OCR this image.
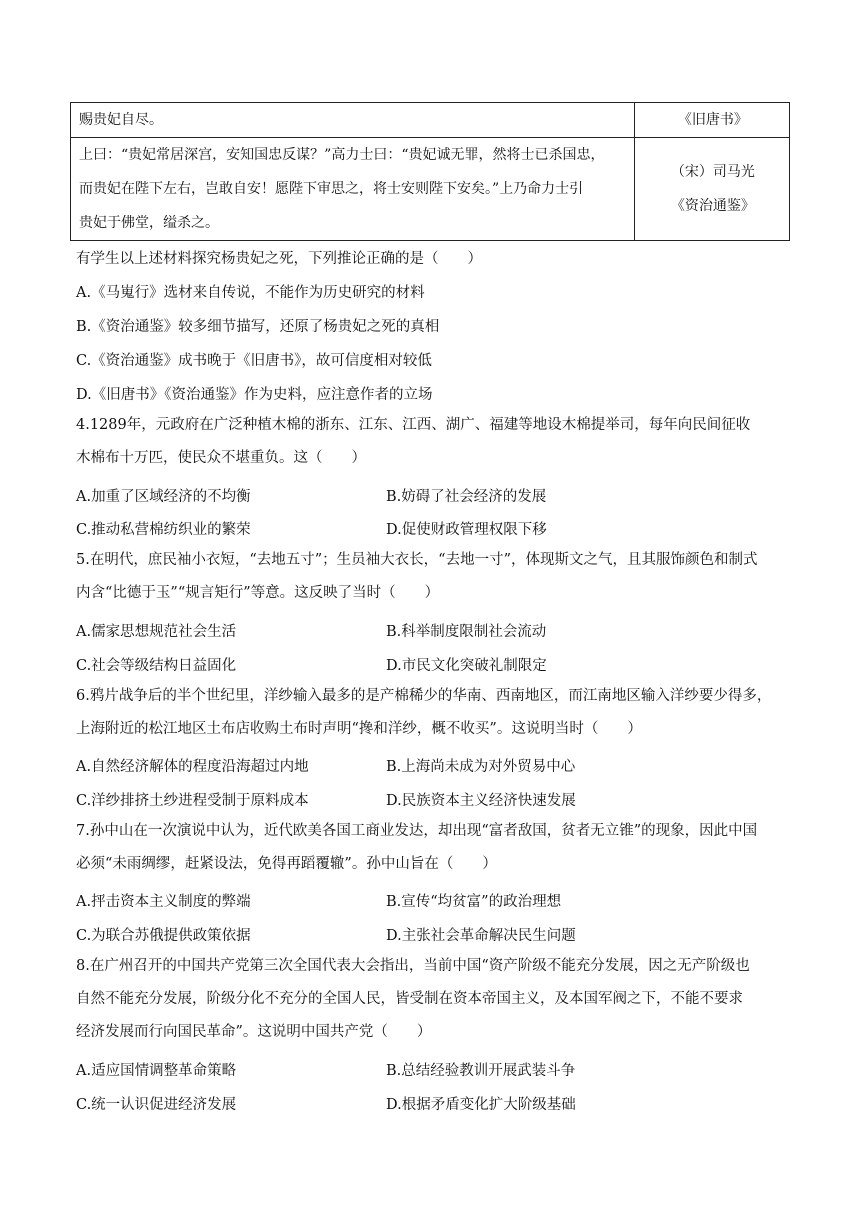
赐贵妃自尽。	《旧唐书》

上曰：“贵妃常居深宫，安知国忠反谋？”高力士曰：“贵妃诚无罪，然将士已杀国忠，
而贵妃在陛下左右，岂敢自安！愿陛下审思之，将士安则陛下安矣。”上乃命力士引
贵妃于佛堂，缢杀之。	（宋）司马光
《资治通鉴》
有学生以上述材料探究杨贵妃之死，下列推论正确的是（　　）
A.《马嵬行》选材来自传说，不能作为历史研究的材料
B.《资治通鉴》较多细节描写，还原了杨贵妃之死的真相
C.《资治通鉴》成书晚于《旧唐书》，故可信度相对较低
D.《旧唐书》《资治通鉴》作为史料，应注意作者的立场
4.1289年，元政府在广泛种植木棉的浙东、江东、江西、湖广、福建等地设木棉提举司，每年向民间征收
木棉布十万匹，使民众不堪重负。这（　　）
A.加重了区域经济的不均衡	B.妨碍了社会经济的发展
C.推动私营棉纺织业的繁荣	D.促使财政管理权限下移
5.在明代，庶民袖小衣短，“去地五寸”；生员袖大衣长，“去地一寸”，体现斯文之气，且其服饰颜色和制式
内含“比德于玉”“规言矩行”等意。这反映了当时（　　）
A.儒家思想规范社会生活	B.科举制度限制社会流动
C.社会等级结构日益固化	D.市民文化突破礼制限定
6.鸦片战争后的半个世纪里，洋纱输入最多的是产棉稀少的华南、西南地区，而江南地区输入洋纱要少得多，
上海附近的松江地区土布店收购土布时声明“搀和洋纱，概不收买”。这说明当时（　　）
A.自然经济解体的程度沿海超过内地	B.上海尚未成为对外贸易中心
C.洋纱排挤土纱进程受制于原料成本	D.民族资本主义经济快速发展
7.孙中山在一次演说中认为，近代欧美各国工商业发达，却出现“富者敌国，贫者无立锥”的现象，因此中国
必须“未雨绸缪，赶紧设法，免得再蹈覆辙”。孙中山旨在（　　）
A.抨击资本主义制度的弊端	B.宣传“均贫富”的政治理想
C.为联合苏俄提供政策依据	D.主张社会革命解决民生问题
8.在广州召开的中国共产党第三次全国代表大会指出，当前中国“资产阶级不能充分发展，因之无产阶级也
自然不能充分发展，阶级分化不充分的全国人民，皆受制在资本帝国主义，及本国军阀之下，不能不要求
经济发展而行向国民革命”。这说明中国共产党（　　）
A.适应国情调整革命策略	B.总结经验教训开展武装斗争
C.统一认识促进经济发展	D.根据矛盾变化扩大阶级基础
